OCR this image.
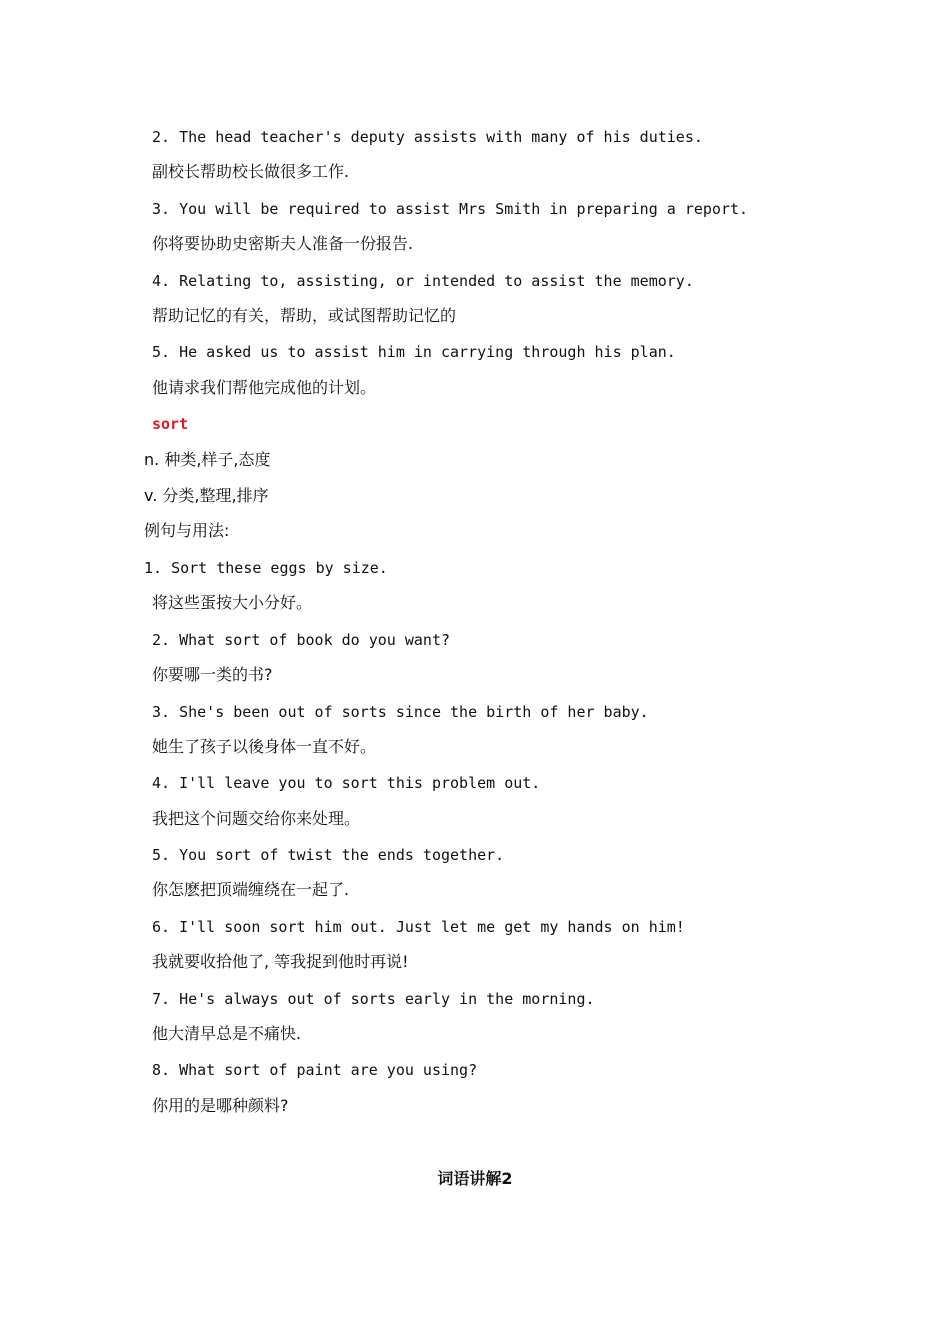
2. The head teacher's deputy assists with many of his duties.
副校长帮助校长做很多工作.
3. You will be required to assist Mrs Smith in preparing a report.
你将要协助史密斯夫人准备一份报告.
4. Relating to, assisting, or intended to assist the memory.
帮助记忆的有关，帮助，或试图帮助记忆的
5. He asked us to assist him in carrying through his plan.
他请求我们帮他完成他的计划。
sort
n. 种类,样子,态度
v. 分类,整理,排序
例句与用法:
1. Sort these eggs by size.
将这些蛋按大小分好。
2. What sort of book do you want?
你要哪一类的书?
3. She's been out of sorts since the birth of her baby.
她生了孩子以後身体一直不好。
4. I'll leave you to sort this problem out.
我把这个问题交给你来处理。
5. You sort of twist the ends together.
你怎麽把顶端缠绕在一起了.
6. I'll soon sort him out. Just let me get my hands on him!
我就要收拾他了, 等我捉到他时再说!
7. He's always out of sorts early in the morning.
他大清早总是不痛快.
8. What sort of paint are you using?
你用的是哪种颜料?
词语讲解2
